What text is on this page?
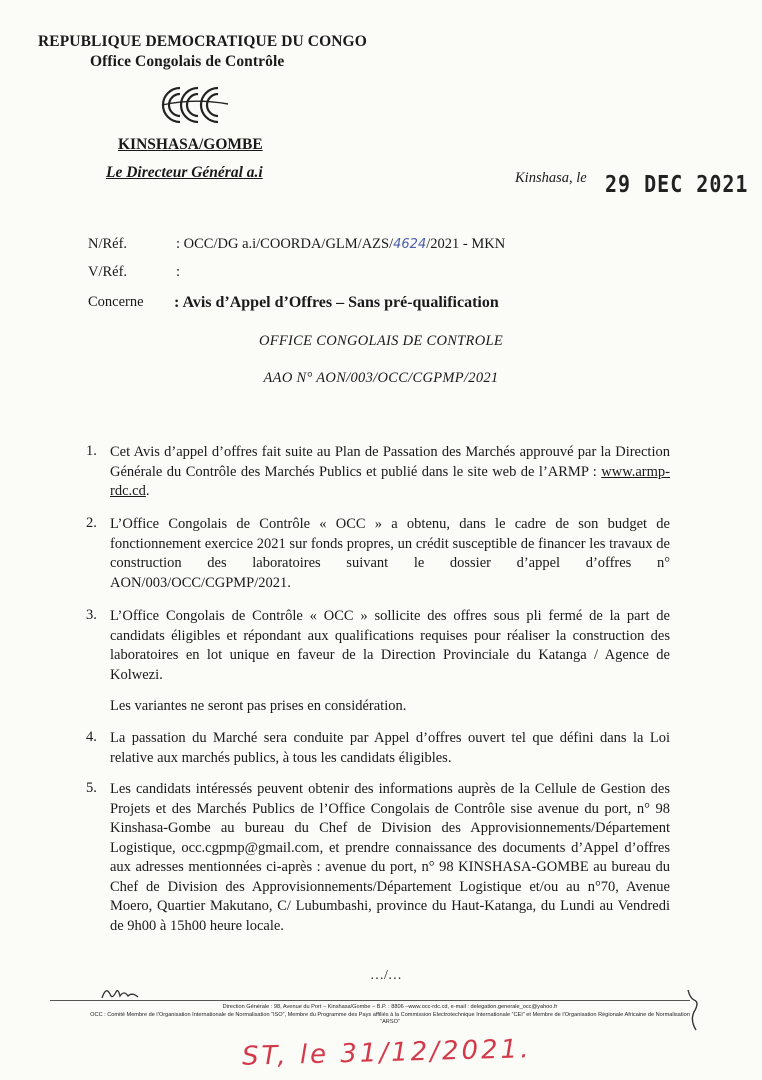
REPUBLIQUE DEMOCRATIQUE DU CONGO
Office Congolais de Contrôle
KINSHASA/GOMBE
Le Directeur Général a.i	Kinshasa, le 29 DEC 2021
N/Réf.	: OCC/DG a.i/COORDA/GLM/AZS/4624/2021 - MKN
V/Réf.	:
Concerne : Avis d’Appel d’Offres – Sans pré-qualification
OFFICE CONGOLAIS DE CONTROLE
AAO N° AON/003/OCC/CGPMP/2021
1. Cet Avis d’appel d’offres fait suite au Plan de Passation des Marchés approuvé par la Direction Générale du Contrôle des Marchés Publics et publié dans le site web de l’ARMP : www.armp-rdc.cd.
2. L’Office Congolais de Contrôle « OCC » a obtenu, dans le cadre de son budget de fonctionnement exercice 2021 sur fonds propres, un crédit susceptible de financer les travaux de construction des laboratoires suivant le dossier d’appel d’offres n° AON/003/OCC/CGPMP/2021.
3. L’Office Congolais de Contrôle « OCC » sollicite des offres sous pli fermé de la part de candidats éligibles et répondant aux qualifications requises pour réaliser la construction des laboratoires en lot unique en faveur de la Direction Provinciale du Katanga / Agence de Kolwezi.
Les variantes ne seront pas prises en considération.
4. La passation du Marché sera conduite par Appel d’offres ouvert tel que défini dans la Loi relative aux marchés publics, à tous les candidats éligibles.
5. Les candidats intéressés peuvent obtenir des informations auprès de la Cellule de Gestion des Projets et des Marchés Publics de l’Office Congolais de Contrôle sise avenue du port, n° 98 Kinshasa-Gombe au bureau du Chef de Division des Approvisionnements/Département Logistique, occ.cgpmp@gmail.com, et prendre connaissance des documents d’Appel d’offres aux adresses mentionnées ci-après : avenue du port, n° 98 KINSHASA-GOMBE au bureau du Chef de Division des Approvisionnements/Département Logistique et/ou au n°70, Avenue Moero, Quartier Makutano, C/ Lubumbashi, province du Haut-Katanga, du Lundi au Vendredi de 9h00 à 15h00 heure locale.
…/…
Direction Générale : 98, Avenue du Port – Kinshasa/Gombe – B.P. : 8806 –www.occ-rdc.cd, e-mail : delegation.generale_occ@yahoo.fr
OCC : Comité Membre de l’Organisation Internationale de Normalisation “ISO”, Membre du Programme des Pays affiliés à la Commission Electrotechnique Internationale “CEI” et Membre de l’Organisation Régionale Africaine de Normalisation “ARSO”
ST, le 31/12/2021.
